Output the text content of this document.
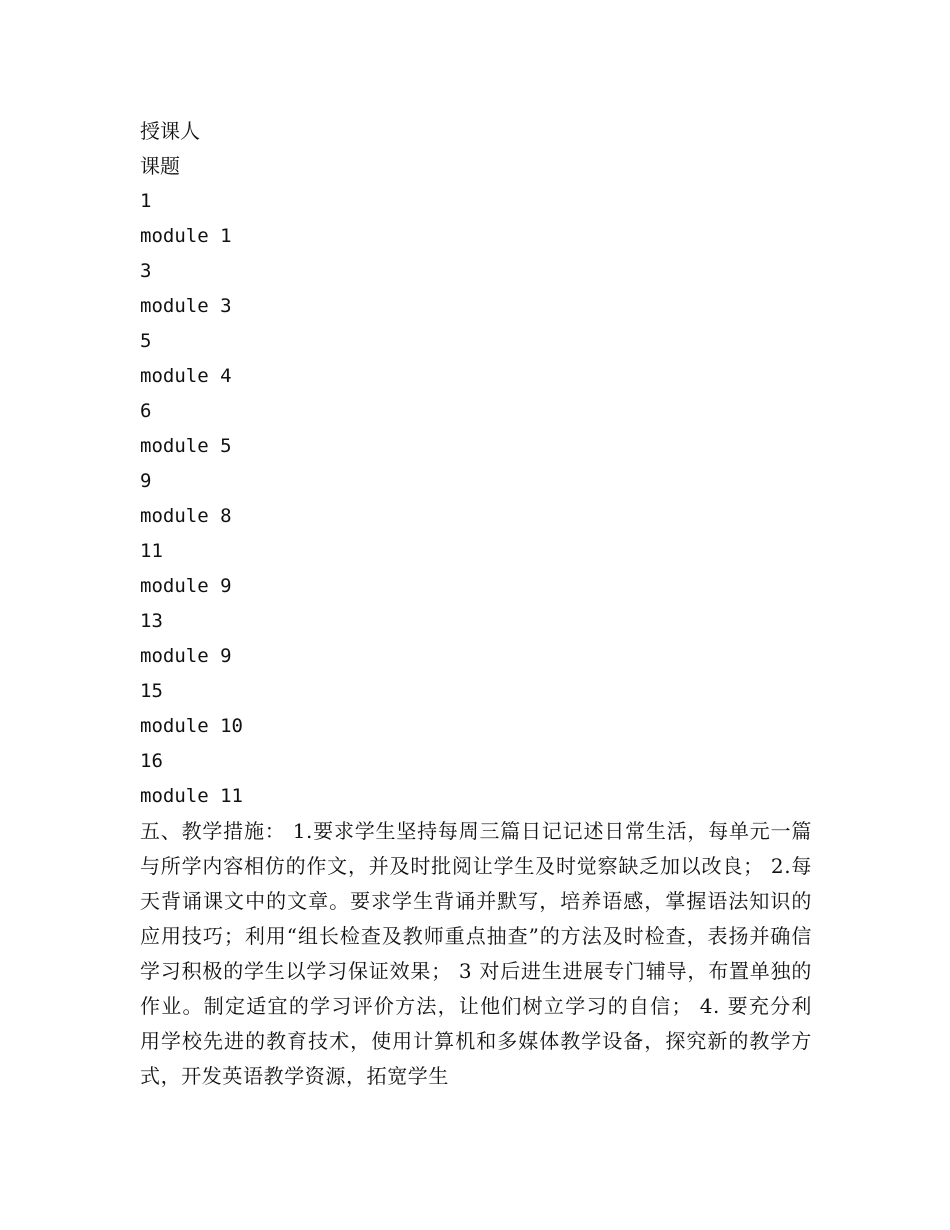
授课人
课题
1
module 1
3
module 3
5
module 4
6
module 5
9
module 8
11
module 9
13
module 9
15
module 10
16
module 11

五、教学措施： 1.要求学生坚持每周三篇日记记述日常生活，每单元一篇与所学内容相仿的作文，并及时批阅让学生及时觉察缺乏加以改良； 2.每天背诵课文中的文章。要求学生背诵并默写，培养语感，掌握语法知识的应用技巧；利用“组长检查及教师重点抽查”的方法及时检查，表扬并确信学习积极的学生以学习保证效果； 3 对后进生进展专门辅导，布置单独的作业。制定适宜的学习评价方法，让他们树立学习的自信； 4. 要充分利用学校先进的教育技术，使用计算机和多媒体教学设备，探究新的教学方式，开发英语教学资源，拓宽学生
